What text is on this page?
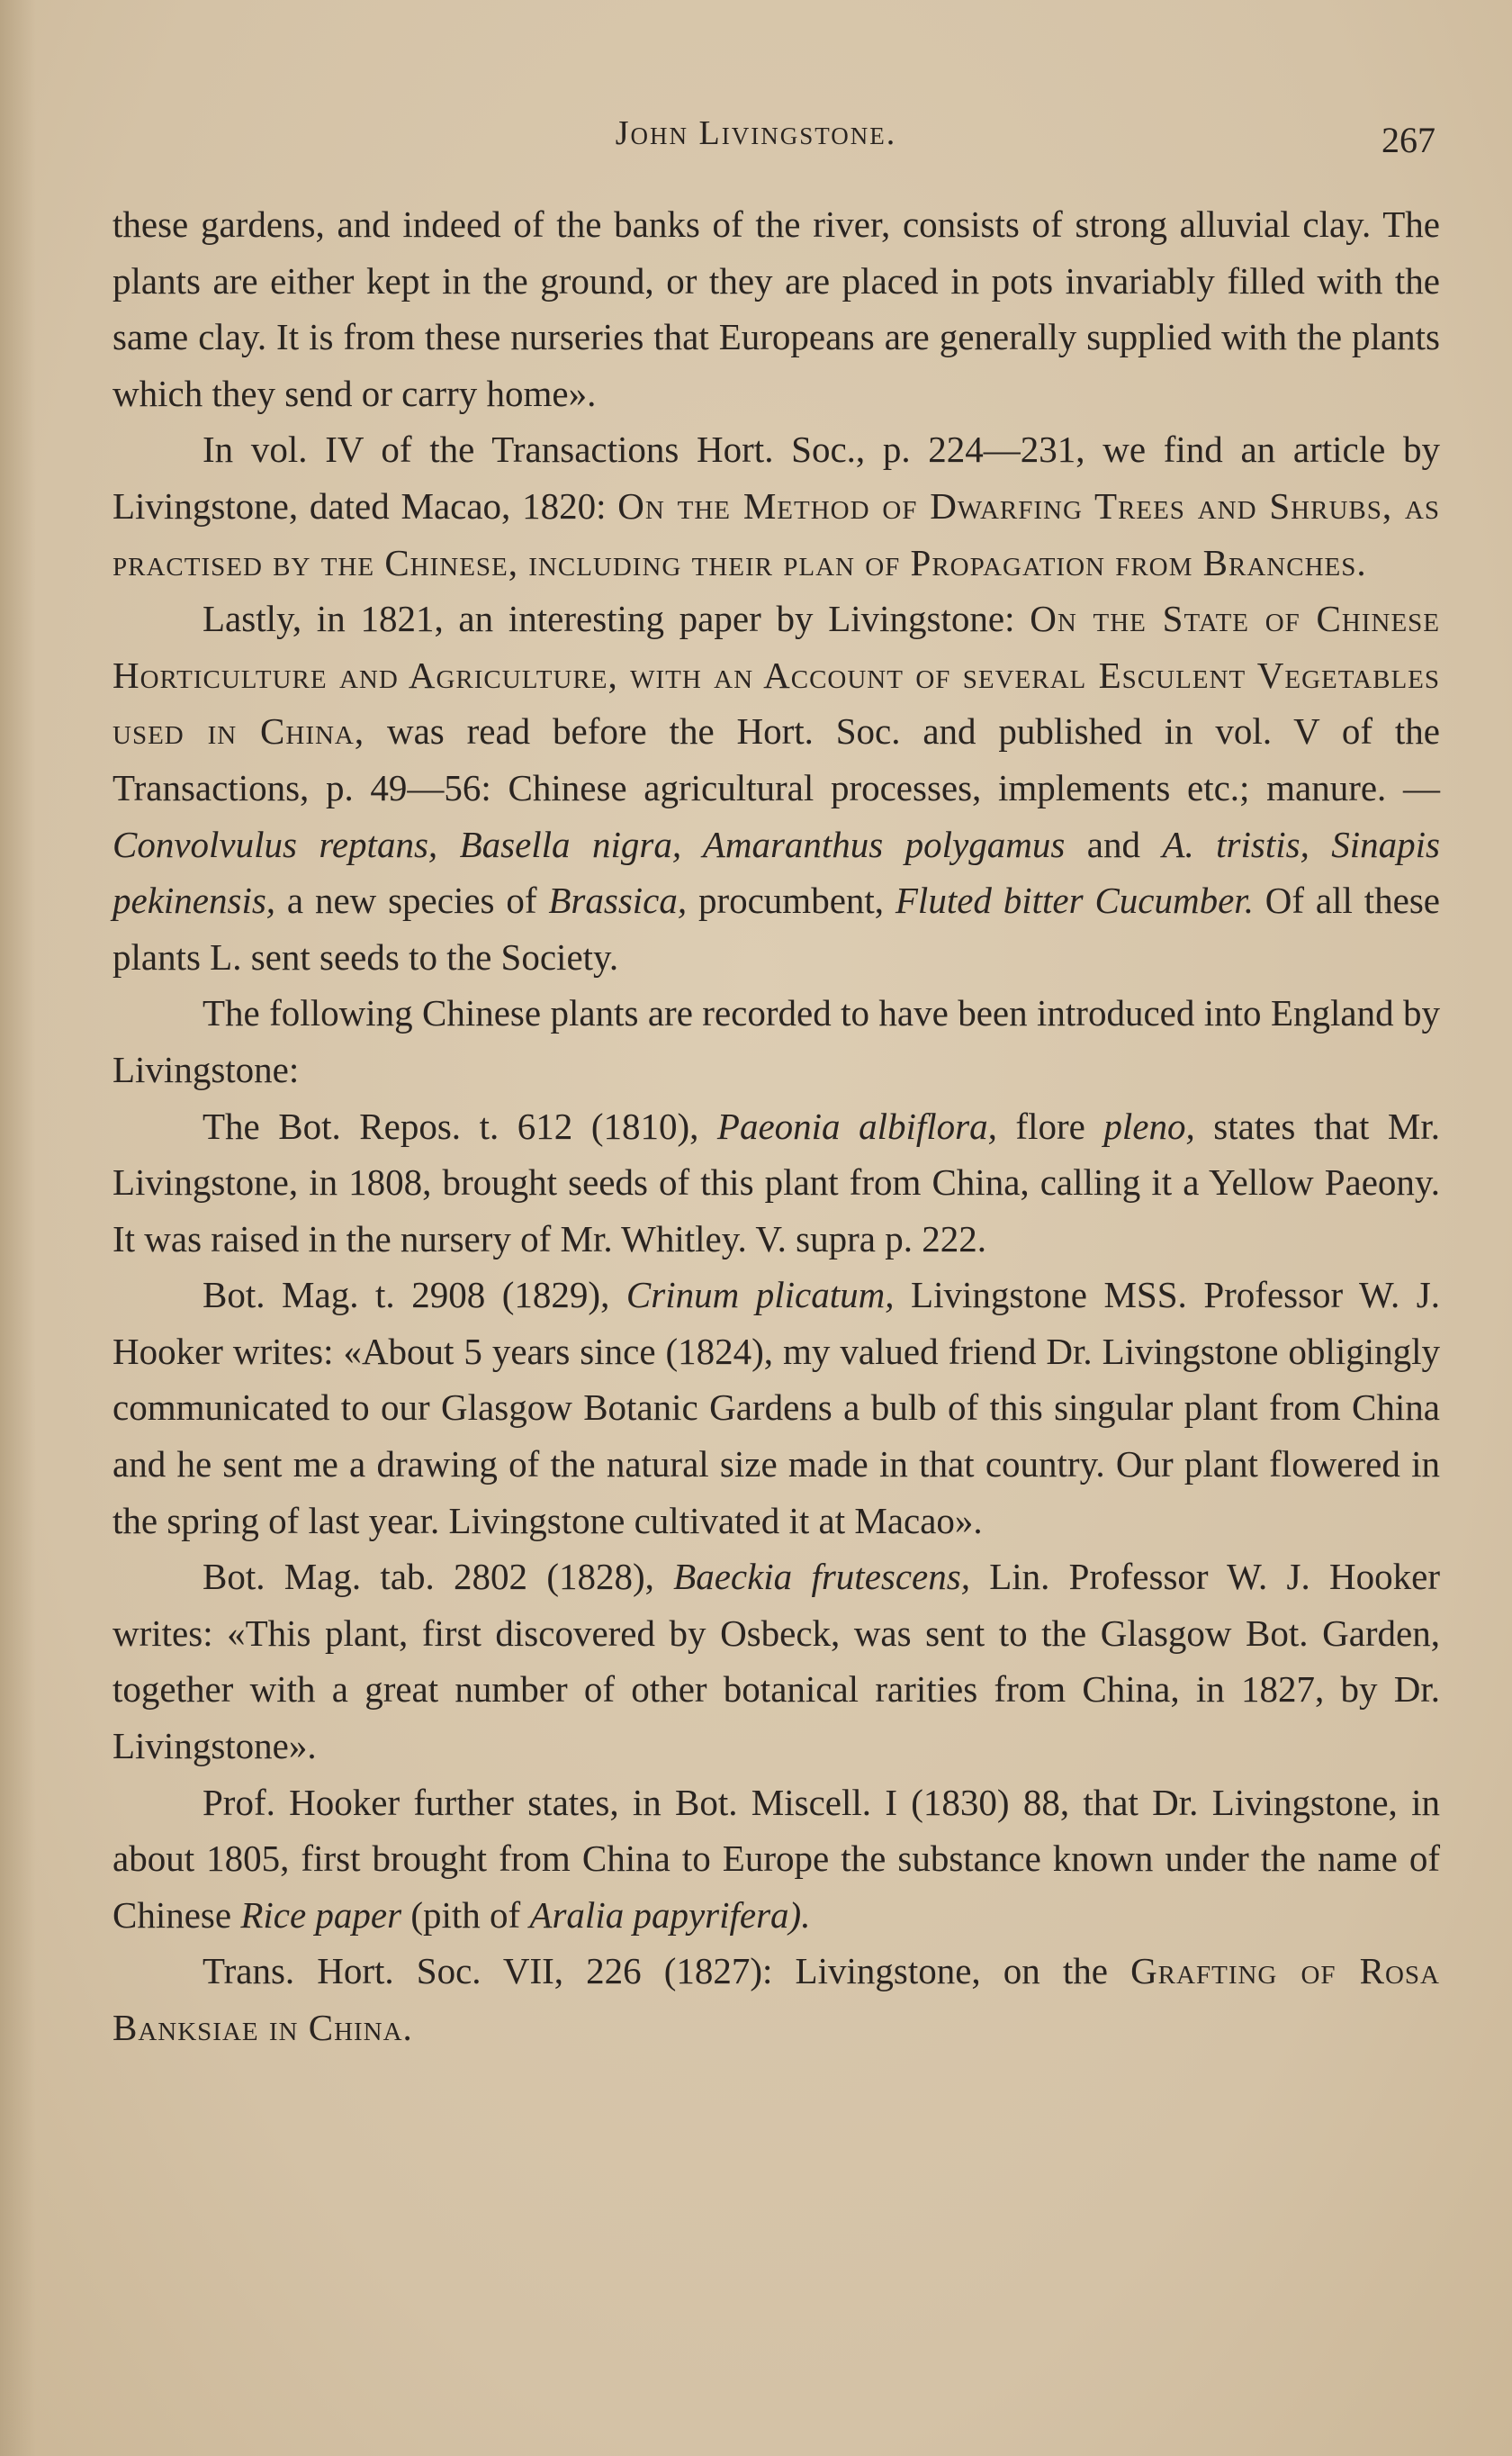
John Livingstone.	267

these gardens, and indeed of the banks of the river, consists of strong alluvial clay. The plants are either kept in the ground, or they are placed in pots invariably filled with the same clay. It is from these nurseries that Europeans are generally supplied with the plants which they send or carry home».

In vol. IV of the Transactions Hort. Soc., p. 224—231, we find an article by Livingstone, dated Macao, 1820: On the Method of Dwarfing Trees and Shrubs, as practised by the Chinese, including their plan of Propagation from Branches.

Lastly, in 1821, an interesting paper by Livingstone: On the State of Chinese Horticulture and Agriculture, with an Account of several Esculent Vegetables used in China, was read before the Hort. Soc. and published in vol. V of the Transactions, p. 49—56: Chinese agricultural processes, implements etc.; manure. — Convolvulus reptans, Basella nigra, Amaranthus polygamus and A. tristis, Sinapis pekinensis, a new species of Brassica, procumbent, Fluted bitter Cucumber. Of all these plants L. sent seeds to the Society.

The following Chinese plants are recorded to have been introduced into England by Livingstone:

The Bot. Repos. t. 612 (1810), Paeonia albiflora, flore pleno, states that Mr. Livingstone, in 1808, brought seeds of this plant from China, calling it a Yellow Paeony. It was raised in the nursery of Mr. Whitley. V. supra p. 222.

Bot. Mag. t. 2908 (1829), Crinum plicatum, Livingstone MSS. Professor W. J. Hooker writes: «About 5 years since (1824), my valued friend Dr. Livingstone obligingly communicated to our Glasgow Botanic Gardens a bulb of this singular plant from China and he sent me a drawing of the natural size made in that country. Our plant flowered in the spring of last year. Livingstone cultivated it at Macao».

Bot. Mag. tab. 2802 (1828), Baeckia frutescens, Lin. Professor W. J. Hooker writes: «This plant, first discovered by Osbeck, was sent to the Glasgow Bot. Garden, together with a great number of other botanical rarities from China, in 1827, by Dr. Livingstone».

Prof. Hooker further states, in Bot. Miscell. I (1830) 88, that Dr. Livingstone, in about 1805, first brought from China to Europe the substance known under the name of Chinese Rice paper (pith of Aralia papyrifera).

Trans. Hort. Soc. VII, 226 (1827): Livingstone, on the Grafting of Rosa Banksiae in China.
